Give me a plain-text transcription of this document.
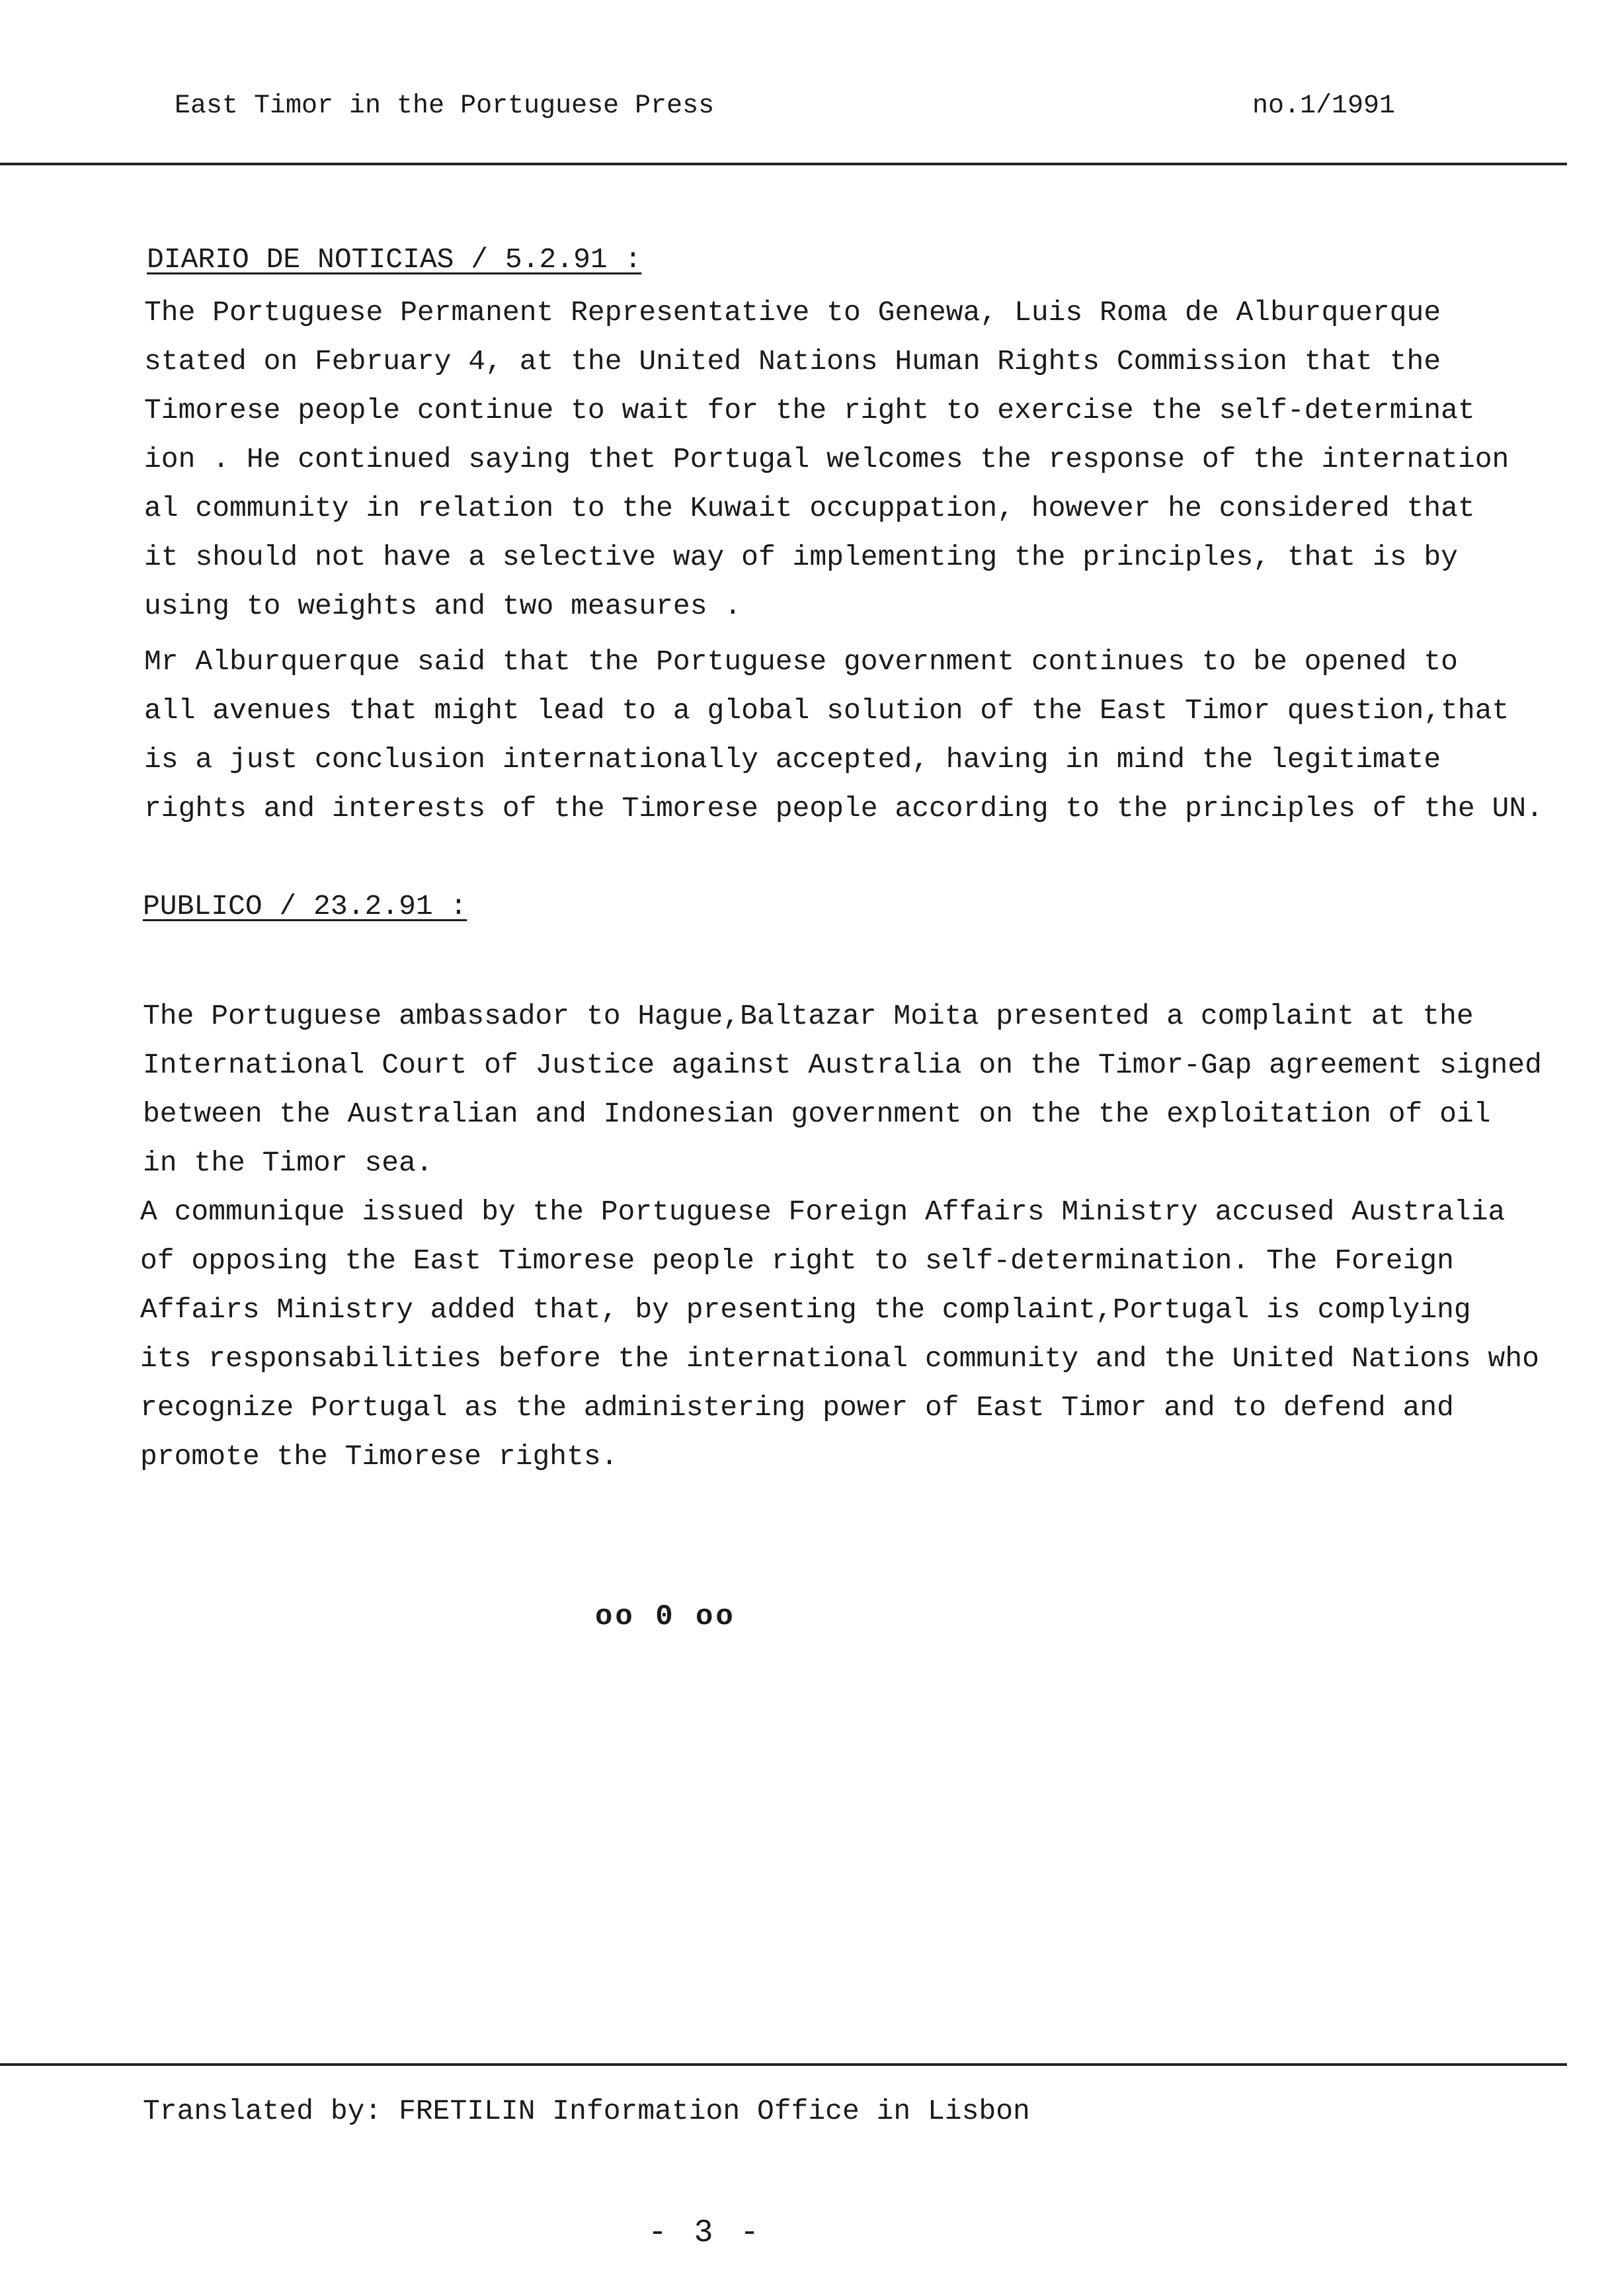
East Timor in the Portuguese Press	no.1/1991
DIARIO DE NOTICIAS / 5.2.91 :
The Portuguese Permanent Representative to Genewa, Luis Roma de Alburquerque
stated on February 4, at the United Nations Human Rights Commission that the
Timorese people continue to wait for the right to exercise the self-determinat
ion . He continued saying thet Portugal welcomes the response of the internation
al community in relation to the Kuwait occuppation, however he considered that
it should not have a selective way of implementing the principles, that is by
using to weights and two measures .
Mr Alburquerque said that the Portuguese government continues to be opened to
all avenues that might lead to a global solution of the East Timor question,that
is a just conclusion internationally accepted, having in mind the legitimate
rights and interests of the Timorese people according to the principles of the UN.
PUBLICO / 23.2.91 :
The Portuguese ambassador to Hague,Baltazar Moita presented a complaint at the
International Court of Justice against Australia on the Timor-Gap agreement signed
between the Australian and Indonesian government on the the exploitation of oil
in the Timor sea.
A communique issued by the Portuguese Foreign Affairs Ministry accused Australia
of opposing the East Timorese people right to self-determination. The Foreign
Affairs Ministry added that, by presenting the complaint,Portugal is complying
its responsabilities before the international community and the United Nations who
recognize Portugal as the administering power of East Timor and to defend and
promote the Timorese rights.
oo 0 oo
Translated by: FRETILIN Information Office in Lisbon
- 3 -
